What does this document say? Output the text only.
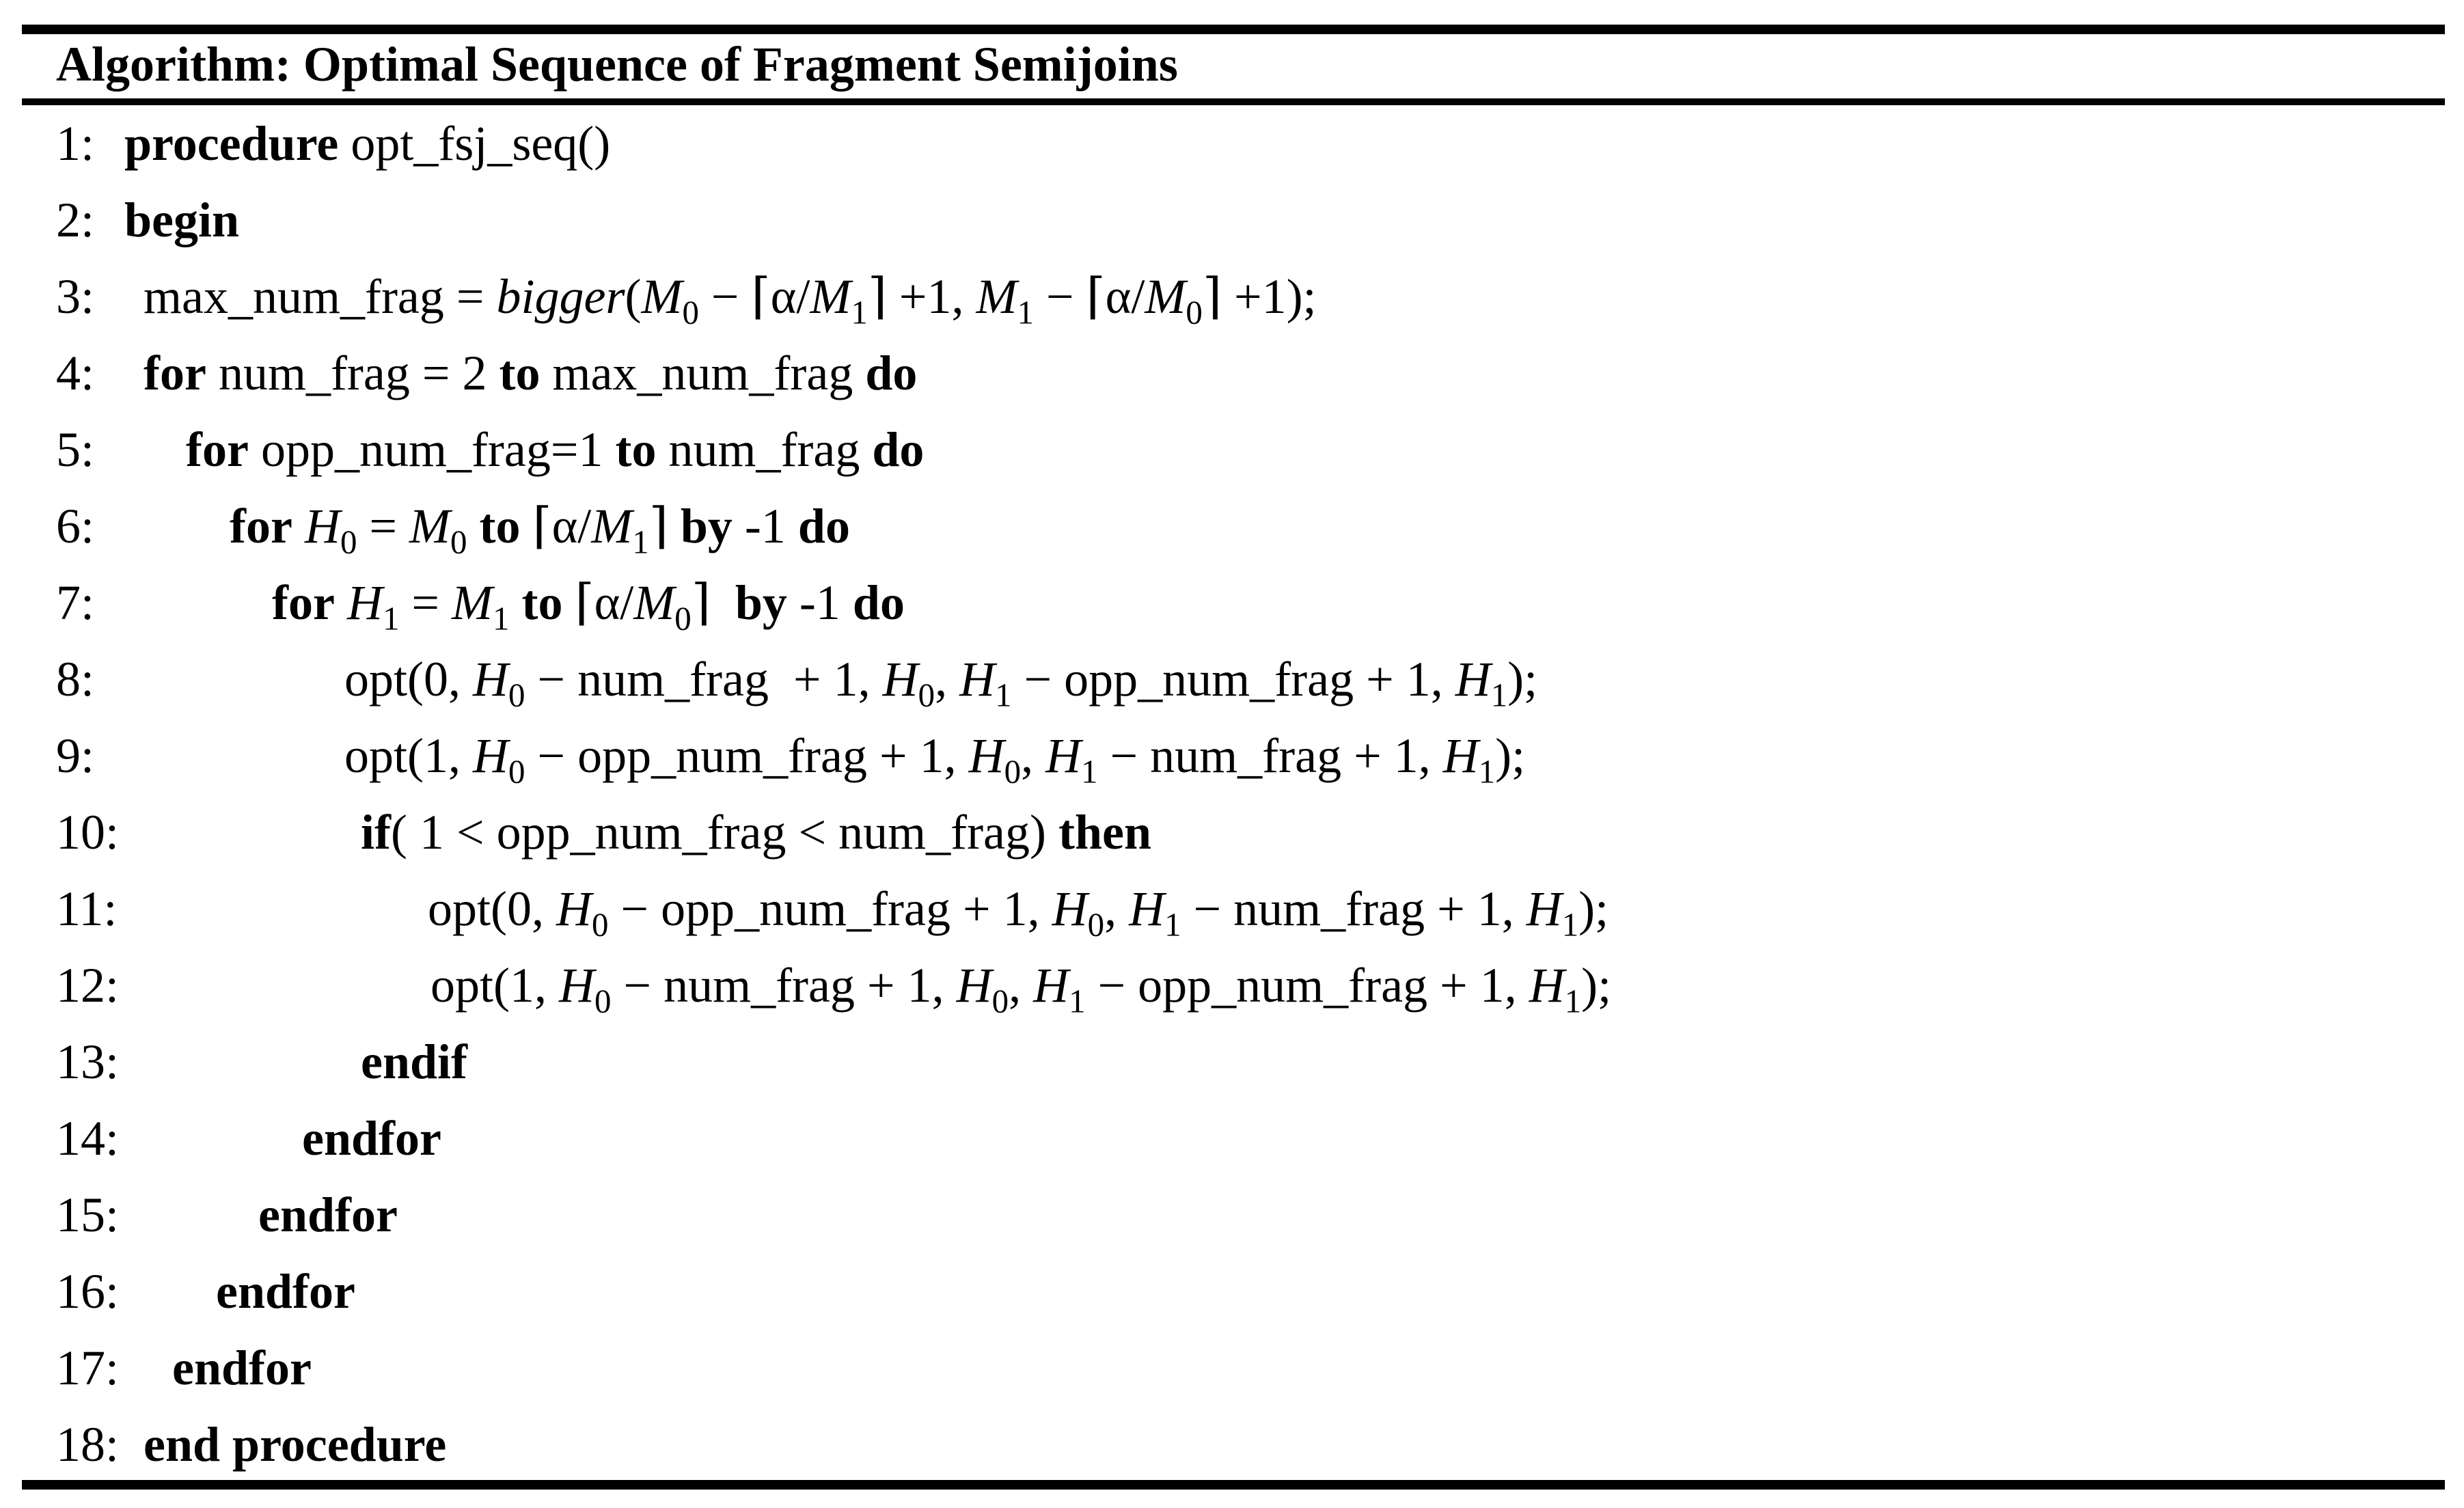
Algorithm: Optimal Sequence of Fragment Semijoins
1: procedure opt_fsj_seq()
2: begin
3: max_num_frag = $bigger(M_0$ − $⌈\alpha/M_1⌉ +1$, $M_1$ − $⌈\alpha/M_0⌉ +1$);
4: for num_frag = 2 to max_num_frag do
5: for opp_num_frag=1 to num_frag do
6:	for $H_0 = M_0$ to $⌈\alpha/M_1⌉$ by -1 do
7:	for $H_1 = M_1$ to $⌈\alpha/M_0⌉$  by -1 do
8:	opt(0, $H_0$ − num_frag  + 1, $H_0$, $H_1$ − opp_num_frag + 1, $H_1$);
9:	opt(1, $H_0$ − opp_num_frag + 1, $H_0$, $H_1$ − num_frag + 1, $H_1$);
10:	if( 1 < opp_num_frag < num_frag) then
11:	opt(0, $H_0$ − opp_num_frag + 1, $H_0$, $H_1$ − num_frag + 1, $H_1$);
12:	opt(1, $H_0$ − num_frag + 1, $H_0$, $H_1$ − opp_num_frag + 1, $H_1$);
13:	endif
14:	endfor
15:	endfor
16: endfor
17: endfor
18: end procedure
